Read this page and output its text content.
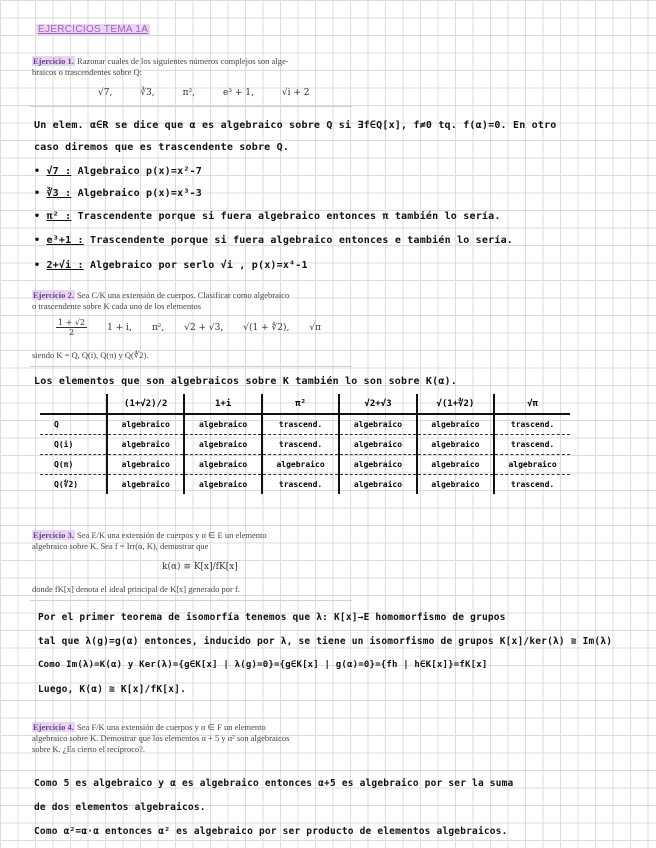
EJERCICIOS TEMA 1A
Ejercicio 1. Razonar cuales de los siguientes números complejos son alge-
braicos o trascendentes sobre Q:
√7,	∛3,	π²,	e³ + 1,	√i + 2
Un elem. α∈R se dice que α es algebraico sobre Q si ∃f∈Q[x], f≠0 tq. f(α)=0. En otro
caso diremos que es trascendente sobre Q.
• √7 : Algebraico p(x)=x²-7
• ∛3 : Algebraico p(x)=x³-3
• π² : Trascendente porque si fuera algebraico entonces π también lo sería.
• e³+1 : Trascendente porque si fuera algebraico entonces e también lo sería.
• 2+√i : Algebraico por serlo √i , p(x)=x⁴-1
Ejercicio 2. Sea C/K una extensión de cuerpos. Clasificar como algebraico
o trascendente sobre K cada uno de los elementos
$\frac{1 + √2}{2} 1 + i$, π², √2 + √3, √(1 + ∜2), √π
siendo K = Q, Q(i), Q(π) y Q(∜2).
Los elementos que son algebraicos sobre K también lo son sobre K(α).
	(1+√2)/2	1+i	π²	√2+√3	√(1+∜2)	√π
Q	algebraico	algebraico	trascend.	algebraico	algebraico	trascend.
Q(i)	algebraico	algebraico	trascend.	algebraico	algebraico	trascend.
Q(π)	algebraico	algebraico	algebraico	algebraico	algebraico	algebraico
Q(∜2)	algebraico	algebraico	trascend.	algebraico	algebraico	trascend.
Ejercicio 3. Sea E/K una extensión de cuerpos y α ∈ E un elemento
algebraico sobre K. Sea f = Irr(α, K), demostrar que
k(α) ≅ K[x]/fK[x]
donde fK[x] denota el ideal principal de K[x] generado por f.
Por el primer teorema de isomorfía tenemos que λ: K[x]→E homomorfismo de grupos
tal que λ(g)=g(α) entonces, inducido por λ, se tiene un isomorfismo de grupos K[x]/ker(λ) ≅ Im(λ)
Como Im(λ)=K(α) y Ker(λ)={g∈K[x] | λ(g)=0}={g∈K[x] | g(α)=0}={fh | h∈K[x]}=fK[x]
Luego, K(α) ≅ K[x]/fK[x].
Ejercicio 4. Sea F/K una extensión de cuerpos y α ∈ F un elemento
algebraico sobre K. Demostrar que los elementos α + 5 y α² son algebraicos
sobre K. ¿Es cierto el recíproco?.
Como 5 es algebraico y α es algebraico entonces α+5 es algebraico por ser la suma
de dos elementos algebraicos.
Como α²=α·α entonces α² es algebraico por ser producto de elementos algebraicos.
